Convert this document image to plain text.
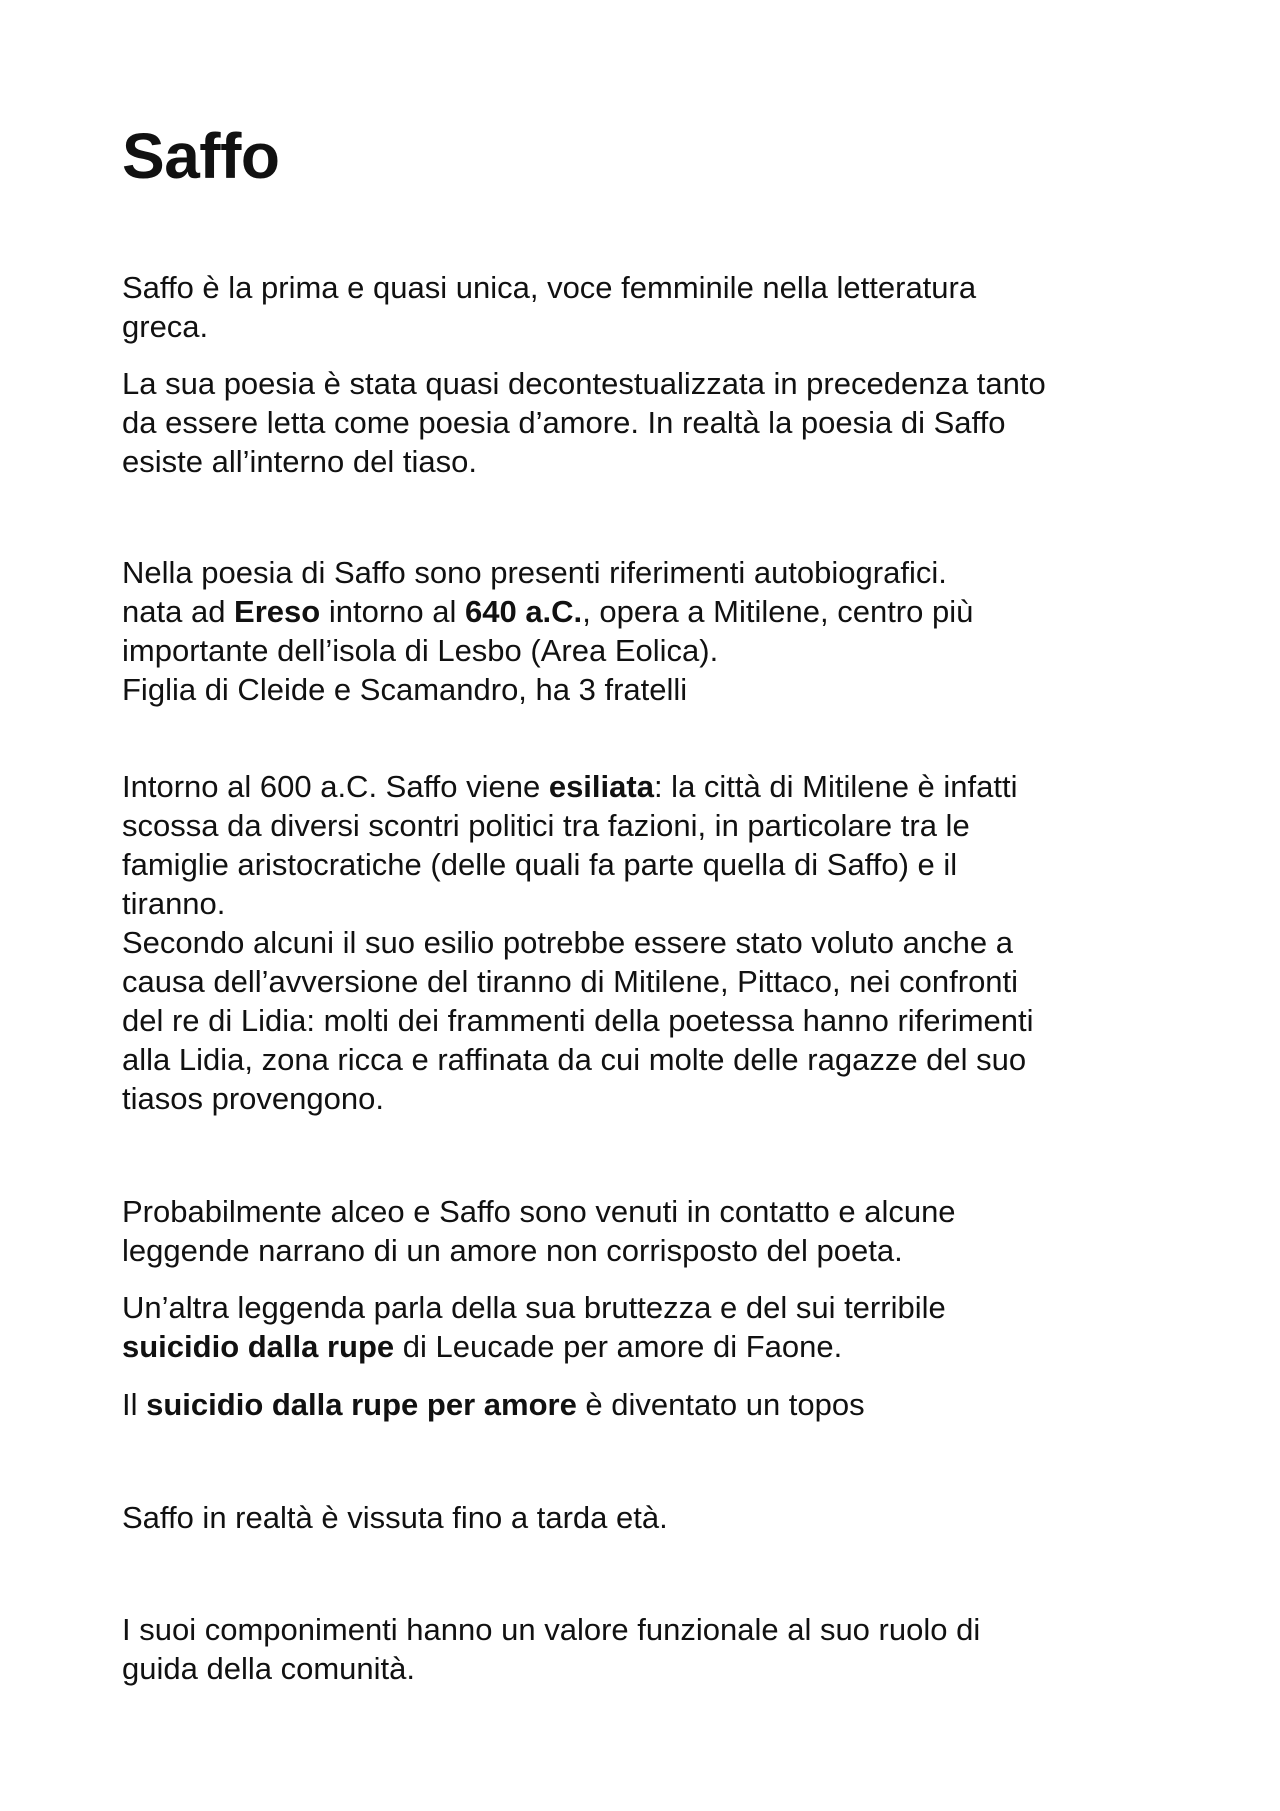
Saffo

Saffo è la prima e quasi unica, voce femminile nella letteratura
greca.

La sua poesia è stata quasi decontestualizzata in precedenza tanto
da essere letta come poesia d’amore. In realtà la poesia di Saffo
esiste all’interno del tiaso.

Nella poesia di Saffo sono presenti riferimenti autobiografici.
nata ad Ereso intorno al 640 a.C., opera a Mitilene, centro più
importante dell’isola di Lesbo (Area Eolica).
Figlia di Cleide e Scamandro, ha 3 fratelli

Intorno al 600 a.C. Saffo viene esiliata: la città di Mitilene è infatti
scossa da diversi scontri politici tra fazioni, in particolare tra le
famiglie aristocratiche (delle quali fa parte quella di Saffo) e il
tiranno.
Secondo alcuni il suo esilio potrebbe essere stato voluto anche a
causa dell’avversione del tiranno di Mitilene, Pittaco, nei confronti
del re di Lidia: molti dei frammenti della poetessa hanno riferimenti
alla Lidia, zona ricca e raffinata da cui molte delle ragazze del suo
tiasos provengono.

Probabilmente alceo e Saffo sono venuti in contatto e alcune
leggende narrano di un amore non corrisposto del poeta.

Un’altra leggenda parla della sua bruttezza e del sui terribile
suicidio dalla rupe di Leucade per amore di Faone.

Il suicidio dalla rupe per amore è diventato un topos

Saffo in realtà è vissuta fino a tarda età.

I suoi componimenti hanno un valore funzionale al suo ruolo di
guida della comunità.
